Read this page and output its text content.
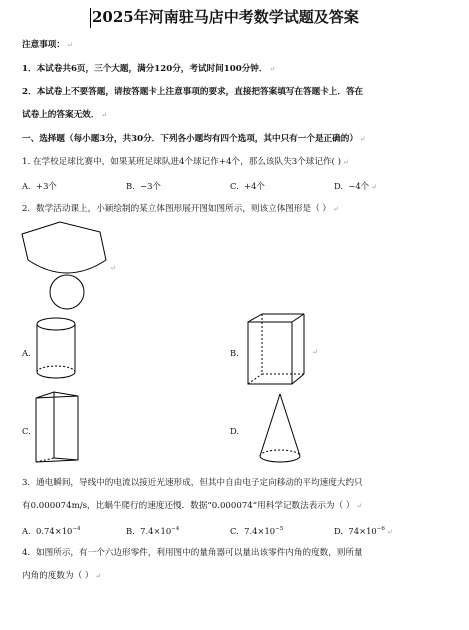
2025年河南驻马店中考数学试题及答案
注意事项： ↵
1．本试卷共6页，三个大题，满分120分，考试时间100分钟． ↵
2．本试卷上不要答题，请按答题卡上注意事项的要求，直接把答案填写在答题卡上．答在
试卷上的答案无效． ↵
一、选择题（每小题3分，共30分．下列各小题均有四个选项，其中只有一个是正确的） ↵
1. 在学校足球比赛中，如果某班足球队进4个球记作+4个，那么该队失3个球记作( ) ↵
A. +3个	B. −3个	C. +4个	D. −4个 ↵
2．数学活动课上，小颖绘制的某立体图形展开图如图所示，则该立体图形是（ ） ↵
↵
A.	B.	↵
C.	D.
3．通电瞬间，导线中的电流以接近光速形成，但其中自由电子定向移动的平均速度大约只
有0.000074m/s，比蜗牛爬行的速度还慢．数据“0.000074”用科学记数法表示为（ ） ↵
A. $0.74\times 10^{-4}$	B. $7.4\times 10^{-4}$	C. $7.4\times 10^{-5}$	D. $74\times 10^{-6}$ ↵
4．如图所示，有一个六边形零件，利用图中的量角器可以量出该零件内角的度数，则所量
内角的度数为（ ） ↵
